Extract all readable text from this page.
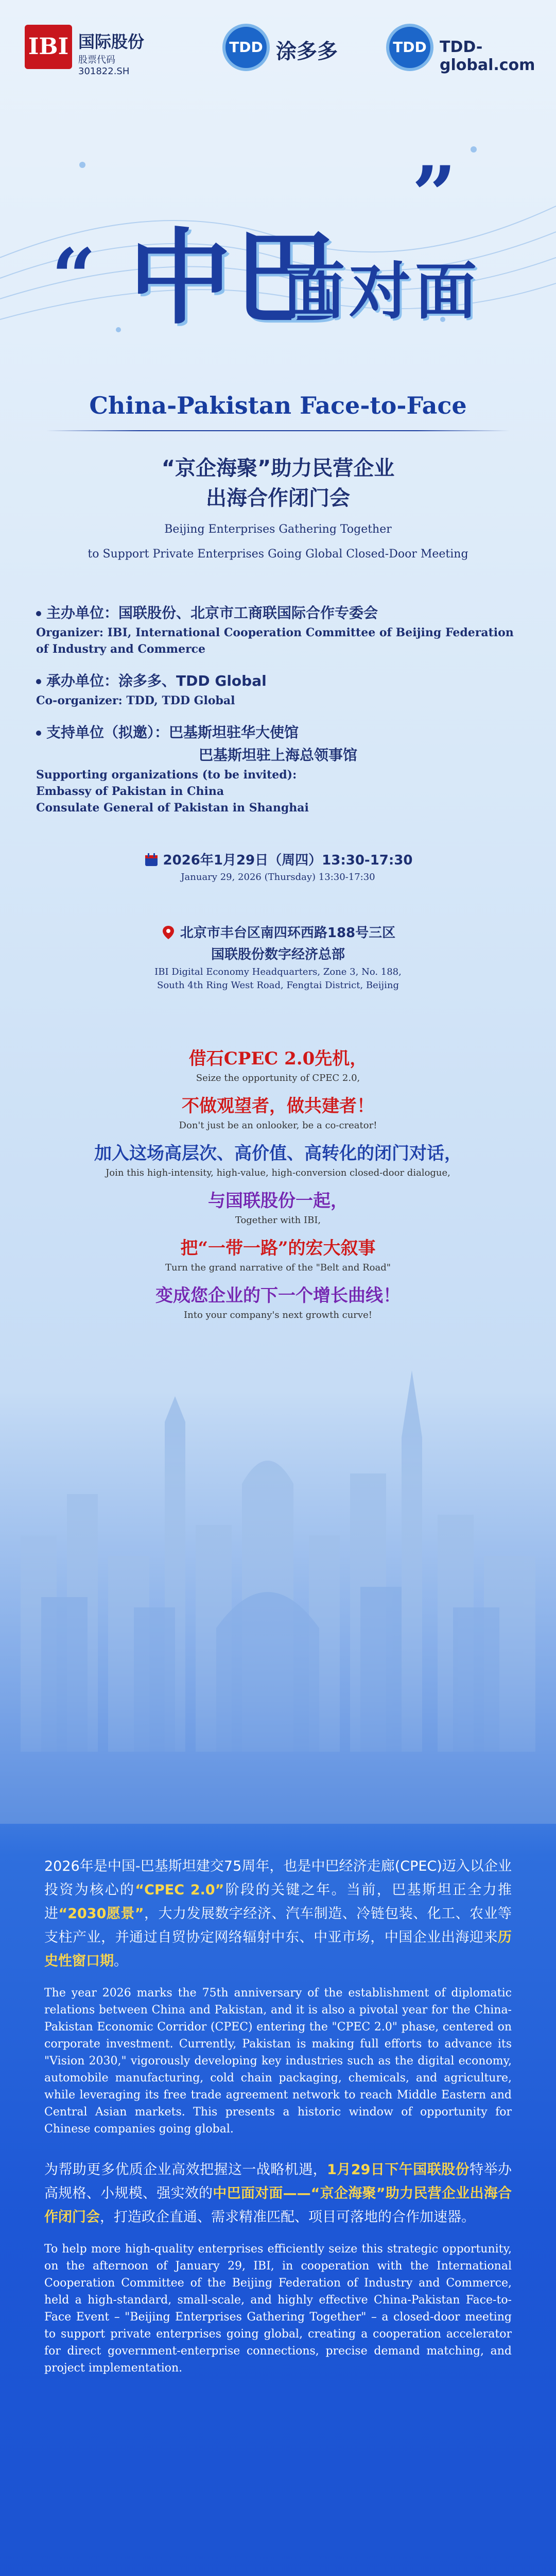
IBI 国际股份
股票代码 301822.SH
TDD 涂多多	TDD TDD-global.com
“ 中巴
面对面
”
China-Pakistan Face-to-Face
“京企海聚”助力民营企业
出海合作闭门会
Beijing Enterprises Gathering Together
to Support Private Enterprises Going Global Closed-Door Meeting
主办单位：国联股份、北京市工商联国际合作专委会
Organizer: IBI, International Cooperation Committee of Beijing Federation of Industry and Commerce
承办单位：涂多多、TDD Global
Co-organizer: TDD, TDD Global
支持单位（拟邀）：巴基斯坦驻华大使馆
巴基斯坦驻上海总领事馆
Supporting organizations (to be invited):
Embassy of Pakistan in China
Consulate General of Pakistan in Shanghai
2026年1月29日（周四）13:30-17:30
January 29, 2026 (Thursday) 13:30-17:30
北京市丰台区南四环西路188号三区
国联股份数字经济总部
IBI Digital Economy Headquarters, Zone 3, No. 188,
South 4th Ring West Road, Fengtai District, Beijing
借石CPEC 2.0先机，
Seize the opportunity of CPEC 2.0,
不做观望者，做共建者！
Don't just be an onlooker, be a co-creator!
加入这场高层次、高价值、高转化的闭门对话，
Join this high-intensity, high-value, high-conversion closed-door dialogue,
与国联股份一起，
Together with IBI,
把“一带一路”的宏大叙事
Turn the grand narrative of the "Belt and Road"
变成您企业的下一个增长曲线！
Into your company's next growth curve!

2026年是中国-巴基斯坦建交75周年，也是中巴经济走廊(CPEC)迈入以企业投资为核心的“CPEC 2.0”阶段的关键之年。当前，巴基斯坦正全力推进“2030愿景”，大力发展数字经济、汽车制造、冷链包装、化工、农业等支柱产业，并通过自贸协定网络辐射中东、中亚市场，中国企业出海迎来历史性窗口期。

The year 2026 marks the 75th anniversary of the establishment of diplomatic relations between China and Pakistan, and it is also a pivotal year for the China-Pakistan Economic Corridor (CPEC) entering the "CPEC 2.0" phase, centered on corporate investment. Currently, Pakistan is making full efforts to advance its "Vision 2030," vigorously developing key industries such as the digital economy, automobile manufacturing, cold chain packaging, chemicals, and agriculture, while leveraging its free trade agreement network to reach Middle Eastern and Central Asian markets. This presents a historic window of opportunity for Chinese companies going global.

为帮助更多优质企业高效把握这一战略机遇，1月29日下午国联股份特举办高规格、小规模、强实效的中巴面对面——“京企海聚”助力民营企业出海合作闭门会，打造政企直通、需求精准匹配、项目可落地的合作加速器。

To help more high-quality enterprises efficiently seize this strategic opportunity, on the afternoon of January 29, IBI, in cooperation with the International Cooperation Committee of the Beijing Federation of Industry and Commerce, held a high-standard, small-scale, and highly effective China-Pakistan Face-to-Face Event – "Beijing Enterprises Gathering Together" – a closed-door meeting to support private enterprises going global, creating a cooperation accelerator for direct government-enterprise connections, precise demand matching, and project implementation.
